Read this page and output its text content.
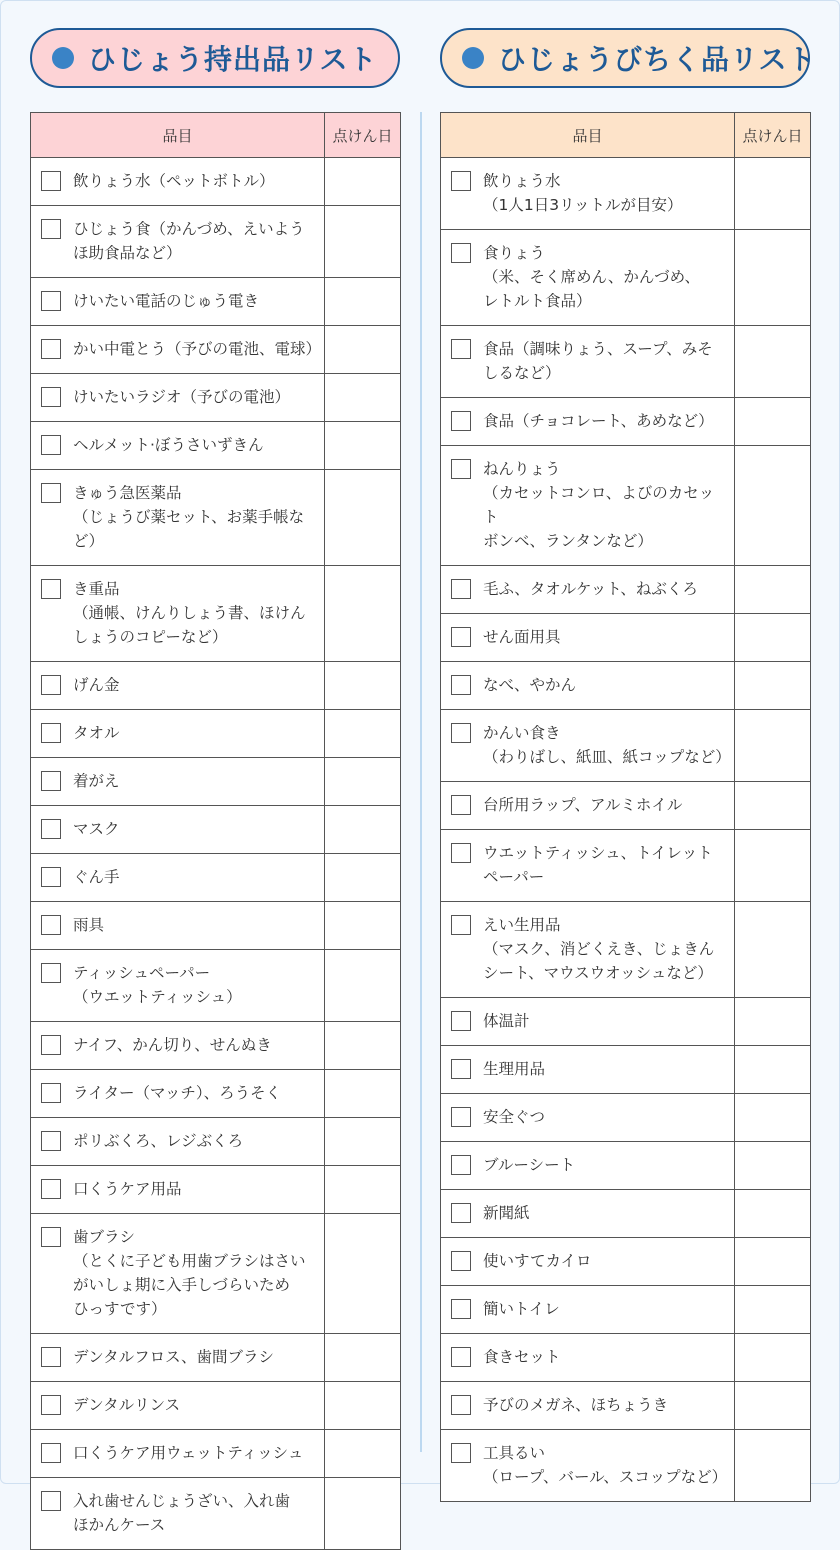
ひじょう持出品リスト
品目	点けん日

飲りょう水（ペットボトル）	

ひじょう食（かんづめ、えいよう
ほ助食品など）	

けいたい電話のじゅう電き	

かい中電とう（予びの電池、電球）	

けいたいラジオ（予びの電池）	

ヘルメット·ぼうさいずきん	

きゅう急医薬品
（じょうび薬セット、お薬手帳など）	

き重品
（通帳、けんりしょう書、ほけん
しょうのコピーなど）	

げん金	

タオル	

着がえ	

マスク	

ぐん手	

雨具	

ティッシュペーパー
（ウエットティッシュ）	

ナイフ、かん切り、せんぬき	

ライター（マッチ）、ろうそく	

ポリぶくろ、レジぶくろ	

口くうケア用品	

歯ブラシ
（とくに子ども用歯ブラシはさい
がいしょ期に入手しづらいため
ひっすです）	

デンタルフロス、歯間ブラシ	

デンタルリンス	

口くうケア用ウェットティッシュ	

入れ歯せんじょうざい、入れ歯
ほかんケース	

ひじょうびちく品リスト
品目	点けん日

飲りょう水
（1人1日3リットルが目安）	

食りょう
（米、そく席めん、かんづめ、
レトルト食品）	

食品（調味りょう、スープ、みそ
しるなど）	

食品（チョコレート、あめなど）	

ねんりょう
（カセットコンロ、よびのカセット
ボンベ、ランタンなど）	

毛ふ、タオルケット、ねぶくろ	

せん面用具	

なべ、やかん	

かんい食き
（わりばし、紙皿、紙コップなど）	

台所用ラップ、アルミホイル	

ウエットティッシュ、トイレット
ペーパー	

えい生用品
（マスク、消どくえき、じょきん
シート、マウスウオッシュなど）	

体温計	

生理用品	

安全ぐつ	

ブルーシート	

新聞紙	

使いすてカイロ	

簡いトイレ	

食きセット	

予びのメガネ、ほちょうき	

工具るい
（ロープ、バール、スコップなど）	
